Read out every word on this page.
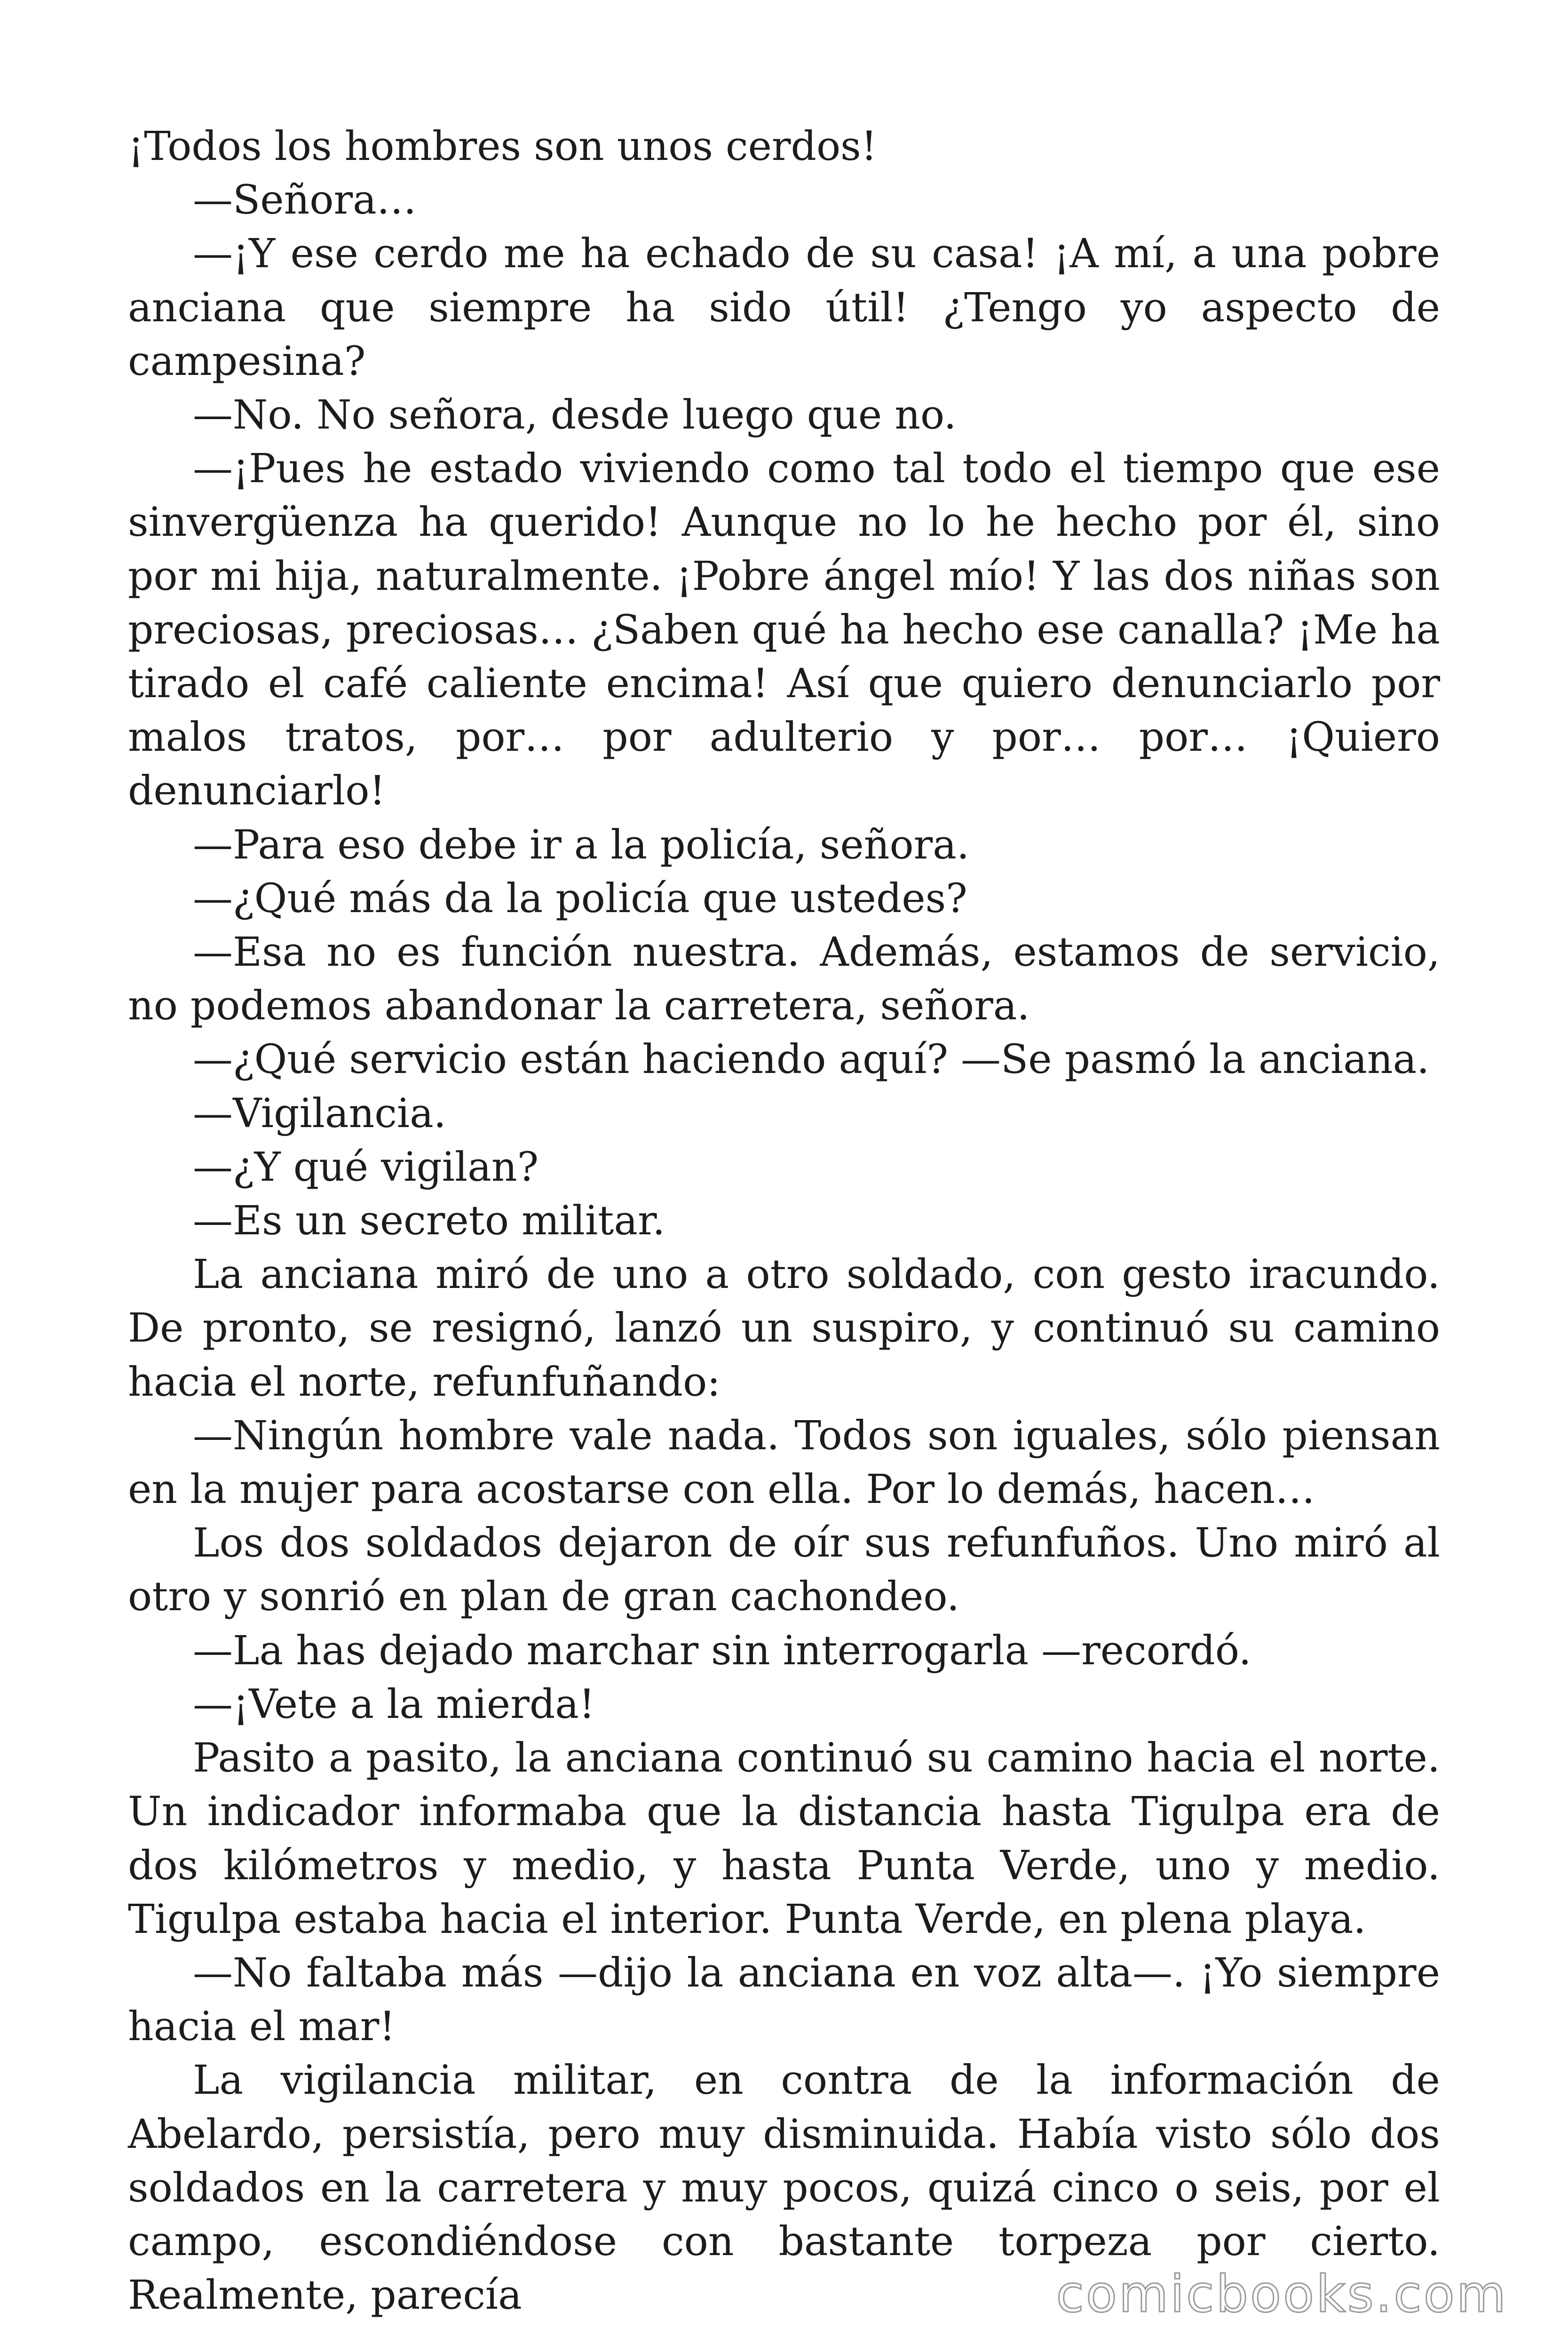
¡Todos los hombres son unos cerdos!

—Señora…

—¡Y ese cerdo me ha echado de su casa! ¡A mí, a una pobre anciana que siempre ha sido útil! ¿Tengo yo aspecto de campesina?

—No. No señora, desde luego que no.

—¡Pues he estado viviendo como tal todo el tiempo que ese sinvergüenza ha querido! Aunque no lo he hecho por él, sino por mi hija, naturalmente. ¡Pobre ángel mío! Y las dos niñas son preciosas, preciosas… ¿Saben qué ha hecho ese canalla? ¡Me ha tirado el café caliente encima! Así que quiero denunciarlo por malos tratos, por… por adulterio y por… por… ¡Quiero denunciarlo!

—Para eso debe ir a la policía, señora.

—¿Qué más da la policía que ustedes?

—Esa no es función nuestra. Además, estamos de servicio, no podemos abandonar la carretera, señora.

—¿Qué servicio están haciendo aquí? —Se pasmó la anciana.

—Vigilancia.

—¿Y qué vigilan?

—Es un secreto militar.

La anciana miró de uno a otro soldado, con gesto iracundo. De pronto, se resignó, lanzó un suspiro, y continuó su camino hacia el norte, refunfuñando:

—Ningún hombre vale nada. Todos son iguales, sólo piensan en la mujer para acostarse con ella. Por lo demás, hacen…

Los dos soldados dejaron de oír sus refunfuños. Uno miró al otro y sonrió en plan de gran cachondeo.

—La has dejado marchar sin interrogarla —recordó.

—¡Vete a la mierda!

Pasito a pasito, la anciana continuó su camino hacia el norte. Un indicador informaba que la distancia hasta Tigulpa era de dos kilómetros y medio, y hasta Punta Verde, uno y medio. Tigulpa estaba hacia el interior. Punta Verde, en plena playa.

—No faltaba más —dijo la anciana en voz alta—. ¡Yo siempre hacia el mar!

La vigilancia militar, en contra de la información de Abelardo, persistía, pero muy disminuida. Había visto sólo dos soldados en la carretera y muy pocos, quizá cinco o seis, por el campo, escondiéndose con bastante torpeza por cierto. Realmente, parecía	comicbooks.com
